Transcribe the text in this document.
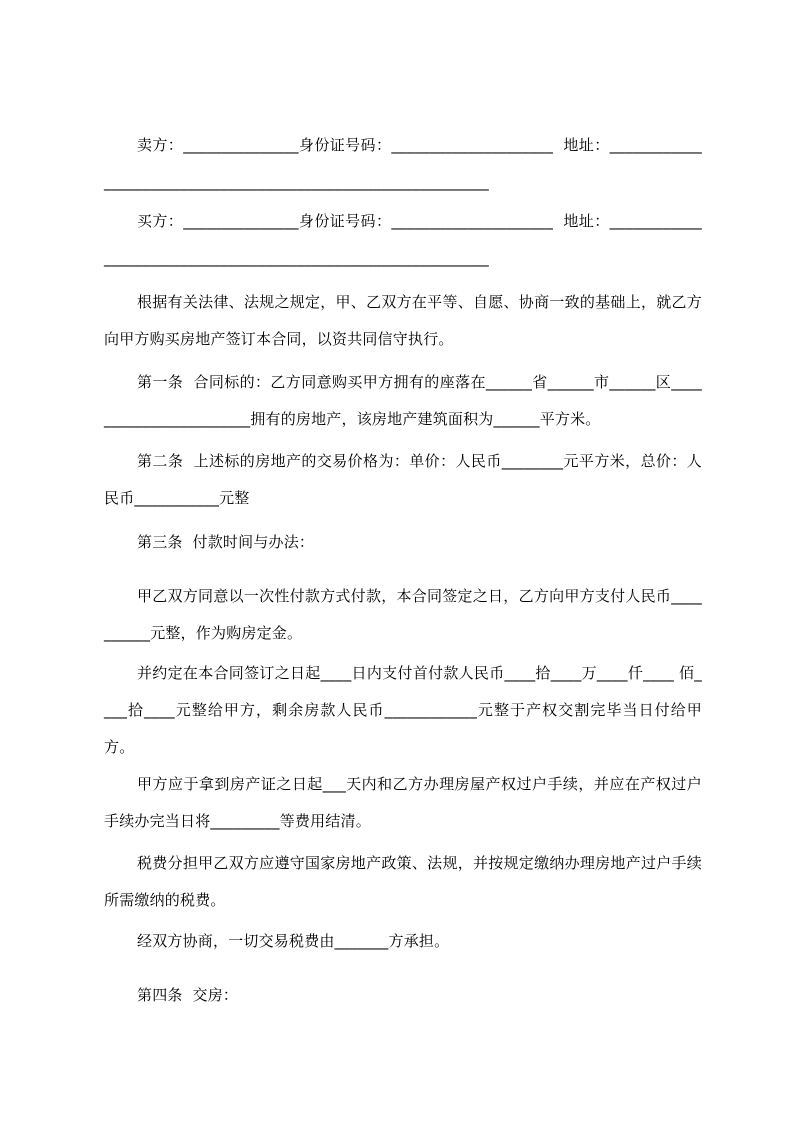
卖方：_______________身份证号码：_____________________  地址：______________________________________________________________

买方：_______________身份证号码：_____________________  地址：______________________________________________________________

根据有关法律、法规之规定，甲、乙双方在平等、自愿、协商一致的基础上，就乙方向甲方购买房地产签订本合同，以资共同信守执行。

第一条  合同标的：乙方同意购买甲方拥有的座落在______省______市______区_______________________拥有的房地产，该房地产建筑面积为______平方米。

第二条  上述标的房地产的交易价格为：单价：人民币________元平方米，总价：人民币___________元整

第三条  付款时间与办法：

甲乙双方同意以一次性付款方式付款，本合同签定之日，乙方向甲方支付人民币__________元整，作为购房定金。

并约定在本合同签订之日起____日内支付首付款人民币____拾____万____仟____ 佰____拾____元整给甲方，剩余房款人民币____________元整于产权交割完毕当日付给甲方。

甲方应于拿到房产证之日起___天内和乙方办理房屋产权过户手续，并应在产权过户手续办完当日将_________等费用结清。

税费分担甲乙双方应遵守国家房地产政策、法规，并按规定缴纳办理房地产过户手续所需缴纳的税费。

经双方协商，一切交易税费由_______方承担。

第四条  交房：
